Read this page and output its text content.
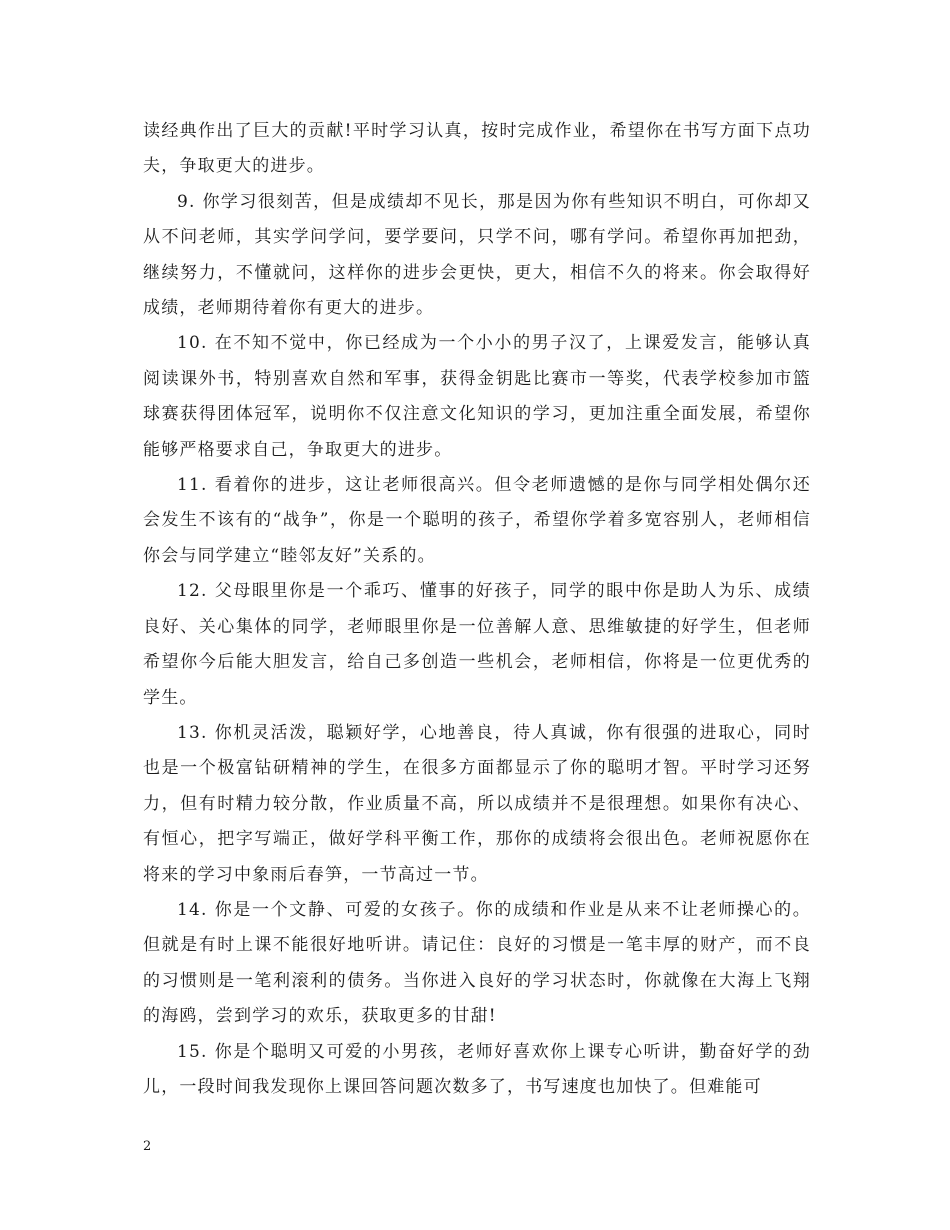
读经典作出了巨大的贡献!平时学习认真，按时完成作业，希望你在书写方面下点功夫，争取更大的进步。

9. 你学习很刻苦，但是成绩却不见长，那是因为你有些知识不明白，可你却又从不问老师，其实学问学问，要学要问，只学不问，哪有学问。希望你再加把劲，继续努力，不懂就问，这样你的进步会更快，更大，相信不久的将来。你会取得好成绩，老师期待着你有更大的进步。

10. 在不知不觉中，你已经成为一个小小的男子汉了，上课爱发言，能够认真阅读课外书，特别喜欢自然和军事，获得金钥匙比赛市一等奖，代表学校参加市篮球赛获得团体冠军，说明你不仅注意文化知识的学习，更加注重全面发展，希望你能够严格要求自己，争取更大的进步。

11. 看着你的进步，这让老师很高兴。但令老师遗憾的是你与同学相处偶尔还会发生不该有的“战争”，你是一个聪明的孩子，希望你学着多宽容别人，老师相信你会与同学建立“睦邻友好”关系的。

12. 父母眼里你是一个乖巧、懂事的好孩子，同学的眼中你是助人为乐、成绩良好、关心集体的同学，老师眼里你是一位善解人意、思维敏捷的好学生，但老师希望你今后能大胆发言，给自己多创造一些机会，老师相信，你将是一位更优秀的学生。

13. 你机灵活泼，聪颖好学，心地善良，待人真诚，你有很强的进取心，同时也是一个极富钻研精神的学生，在很多方面都显示了你的聪明才智。平时学习还努力，但有时精力较分散，作业质量不高，所以成绩并不是很理想。如果你有决心、有恒心，把字写端正，做好学科平衡工作，那你的成绩将会很出色。老师祝愿你在将来的学习中象雨后春笋，一节高过一节。

14. 你是一个文静、可爱的女孩子。你的成绩和作业是从来不让老师操心的。但就是有时上课不能很好地听讲。请记住：良好的习惯是一笔丰厚的财产，而不良的习惯则是一笔利滚利的债务。当你进入良好的学习状态时，你就像在大海上飞翔的海鸥，尝到学习的欢乐，获取更多的甘甜!

15. 你是个聪明又可爱的小男孩，老师好喜欢你上课专心听讲，勤奋好学的劲儿，一段时间我发现你上课回答问题次数多了，书写速度也加快了。但难能可

2
